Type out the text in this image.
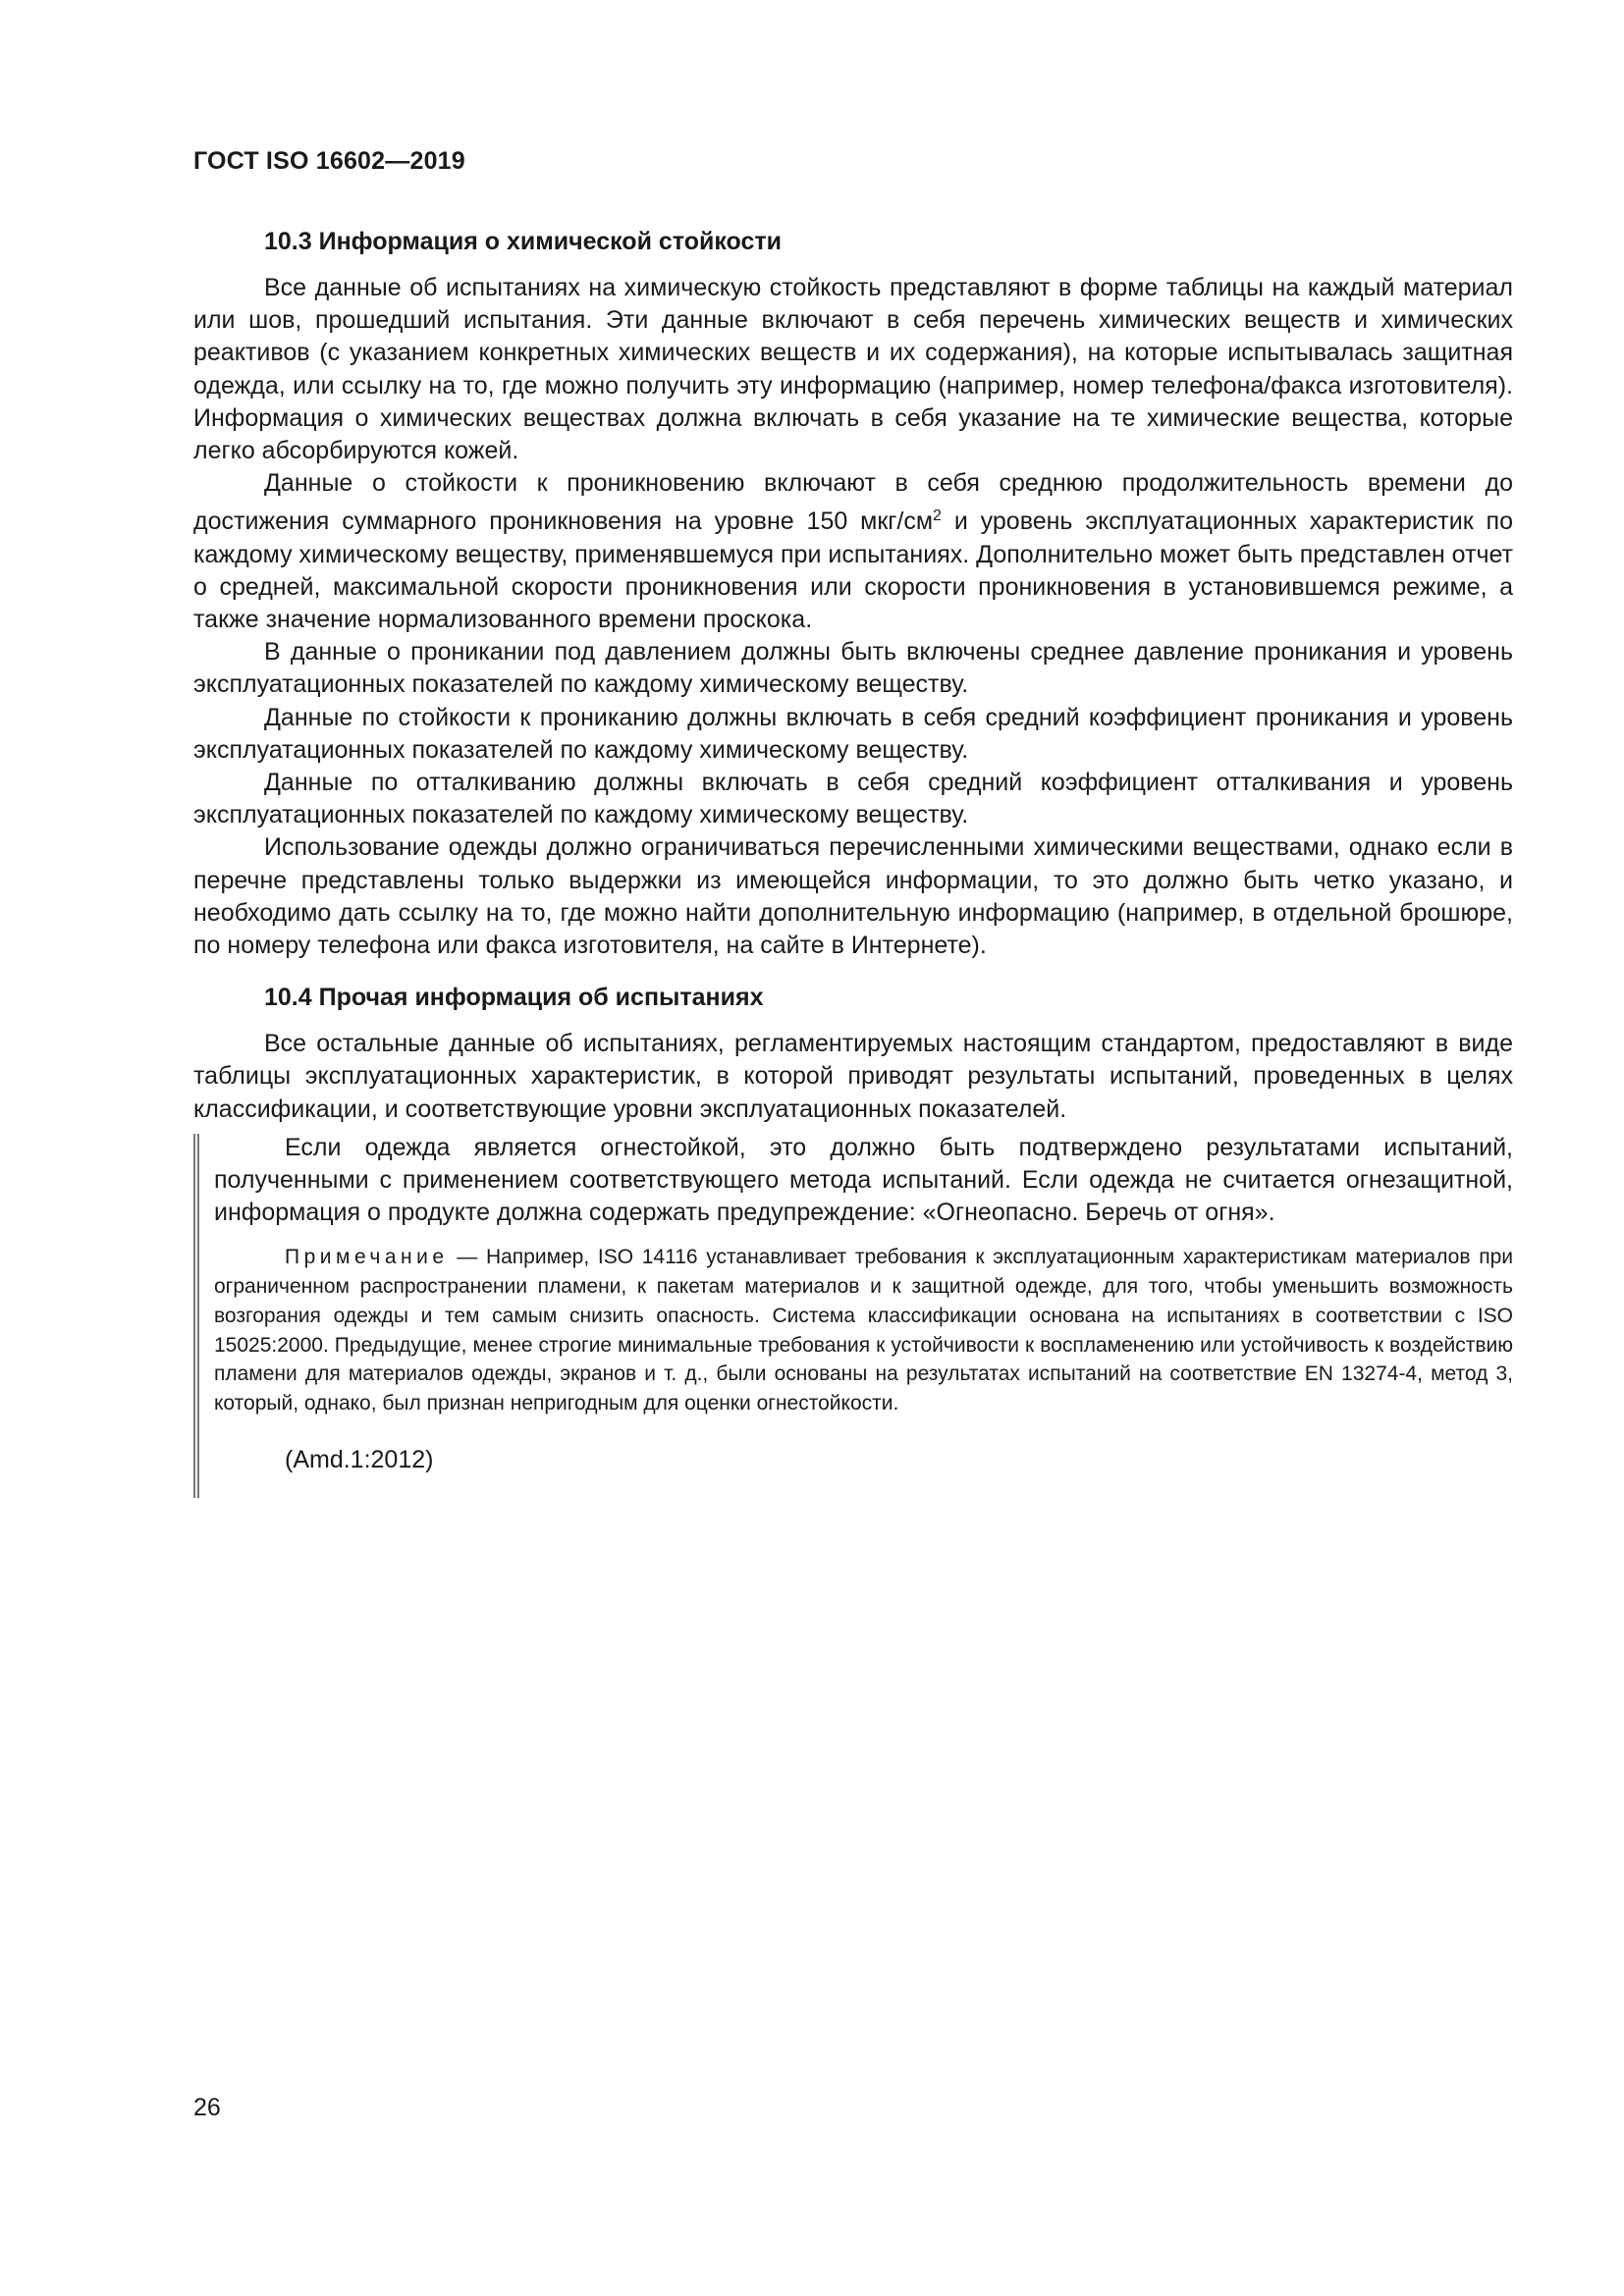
ГОСТ ISO 16602—2019
10.3 Информация о химической стойкости

Все данные об испытаниях на химическую стойкость представляют в форме таблицы на каждый материал или шов, прошедший испытания. Эти данные включают в себя перечень химических веществ и химических реактивов (с указанием конкретных химических веществ и их содержания), на которые испытывалась защитная одежда, или ссылку на то, где можно получить эту информацию (например, номер телефона/факса изготовителя). Информация о химических веществах должна включать в себя указание на те химические вещества, которые легко абсорбируются кожей.

Данные о стойкости к проникновению включают в себя среднюю продолжительность времени до достижения суммарного проникновения на уровне 150 мкг/$см^2$ и уровень эксплуатационных характеристик по каждому химическому веществу, применявшемуся при испытаниях. Дополнительно может быть представлен отчет о средней, максимальной скорости проникновения или скорости проникновения в установившемся режиме, а также значение нормализованного времени проскока.

В данные о проникании под давлением должны быть включены среднее давление проникания и уровень эксплуатационных показателей по каждому химическому веществу.

Данные по стойкости к прониканию должны включать в себя средний коэффициент проникания и уровень эксплуатационных показателей по каждому химическому веществу.

Данные по отталкиванию должны включать в себя средний коэффициент отталкивания и уровень эксплуатационных показателей по каждому химическому веществу.

Использование одежды должно ограничиваться перечисленными химическими веществами, однако если в перечне представлены только выдержки из имеющейся информации, то это должно быть четко указано, и необходимо дать ссылку на то, где можно найти дополнительную информацию (например, в отдельной брошюре, по номеру телефона или факса изготовителя, на сайте в Интернете).

10.4 Прочая информация об испытаниях

Все остальные данные об испытаниях, регламентируемых настоящим стандартом, предоставляют в виде таблицы эксплуатационных характеристик, в которой приводят результаты испытаний, проведенных в целях классификации, и соответствующие уровни эксплуатационных показателей.

Если одежда является огнестойкой, это должно быть подтверждено результатами испытаний, полученными с применением соответствующего метода испытаний. Если одежда не считается огнезащитной, информация о продукте должна содержать предупреждение: «Огнеопасно. Беречь от огня».

Примечание — Например, ISO 14116 устанавливает требования к эксплуатационным характеристикам материалов при ограниченном распространении пламени, к пакетам материалов и к защитной одежде, для того, чтобы уменьшить возможность возгорания одежды и тем самым снизить опасность. Система классификации основана на испытаниях в соответствии с ISO 15025:2000. Предыдущие, менее строгие минимальные требования к устойчивости к воспламенению или устойчивость к воздействию пламени для материалов одежды, экранов и т. д., были основаны на результатах испытаний на соответствие EN 13274-4, метод 3, который, однако, был признан непригодным для оценки огнестойкости.

(Amd.1:2012)
26
